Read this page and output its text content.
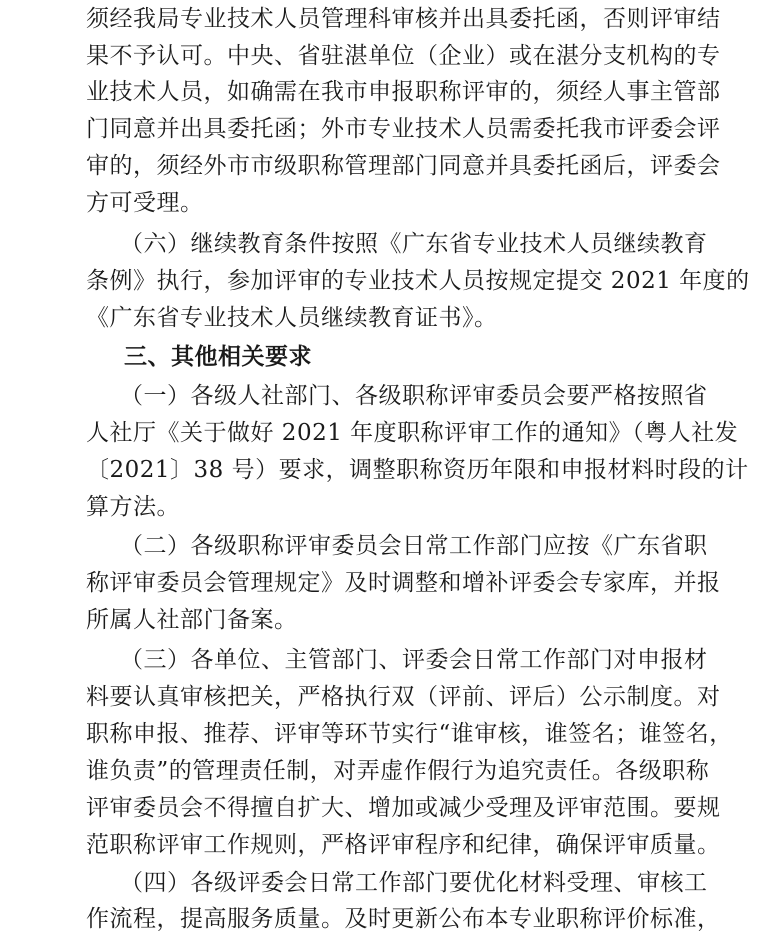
须经我局专业技术人员管理科审核并出具委托函，否则评审结
果不予认可。中央、省驻湛单位（企业）或在湛分支机构的专
业技术人员，如确需在我市申报职称评审的，须经人事主管部
门同意并出具委托函；外市专业技术人员需委托我市评委会评
审的，须经外市市级职称管理部门同意并具委托函后，评委会
方可受理。
（六）继续教育条件按照《广东省专业技术人员继续教育
条例》执行，参加评审的专业技术人员按规定提交 2021 年度的
《广东省专业技术人员继续教育证书》。
三、其他相关要求
（一）各级人社部门、各级职称评审委员会要严格按照省
人社厅《关于做好 2021 年度职称评审工作的通知》（粤人社发
〔2021〕38 号）要求，调整职称资历年限和申报材料时段的计
算方法。
（二）各级职称评审委员会日常工作部门应按《广东省职
称评审委员会管理规定》及时调整和增补评委会专家库，并报
所属人社部门备案。
（三）各单位、主管部门、评委会日常工作部门对申报材
料要认真审核把关，严格执行双（评前、评后）公示制度。对
职称申报、推荐、评审等环节实行“谁审核，谁签名；谁签名，
谁负责”的管理责任制，对弄虚作假行为追究责任。各级职称
评审委员会不得擅自扩大、增加或减少受理及评审范围。要规
范职称评审工作规则，严格评审程序和纪律，确保评审质量。
（四）各级评委会日常工作部门要优化材料受理、审核工
作流程，提高服务质量。及时更新公布本专业职称评价标准，
